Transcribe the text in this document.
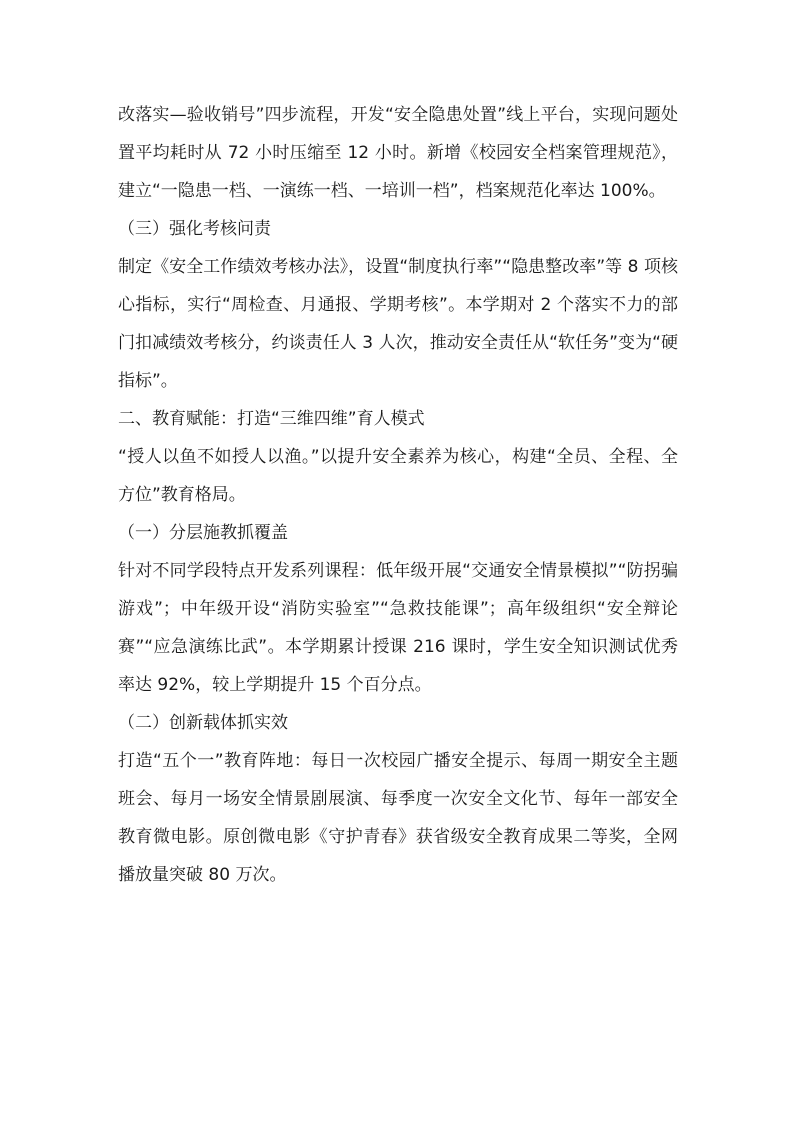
改落实—验收销号”四步流程，开发“安全隐患处置”线上平台，实现问题处置平均耗时从 72 小时压缩至 12 小时。新增《校园安全档案管理规范》，建立“一隐患一档、一演练一档、一培训一档”，档案规范化率达 100%。

（三）强化考核问责

制定《安全工作绩效考核办法》，设置“制度执行率”“隐患整改率”等 8 项核心指标，实行“周检查、月通报、学期考核”。本学期对 2 个落实不力的部门扣减绩效考核分，约谈责任人 3 人次，推动安全责任从“软任务”变为“硬指标”。

二、教育赋能：打造“三维四维”育人模式

“授人以鱼不如授人以渔。”以提升安全素养为核心，构建“全员、全程、全方位”教育格局。

（一）分层施教抓覆盖

针对不同学段特点开发系列课程：低年级开展“交通安全情景模拟”“防拐骗游戏”；中年级开设“消防实验室”“急救技能课”；高年级组织“安全辩论赛”“应急演练比武”。本学期累计授课 216 课时，学生安全知识测试优秀率达 92%，较上学期提升 15 个百分点。

（二）创新载体抓实效

打造“五个一”教育阵地：每日一次校园广播安全提示、每周一期安全主题班会、每月一场安全情景剧展演、每季度一次安全文化节、每年一部安全教育微电影。原创微电影《守护青春》获省级安全教育成果二等奖，全网播放量突破 80 万次。
